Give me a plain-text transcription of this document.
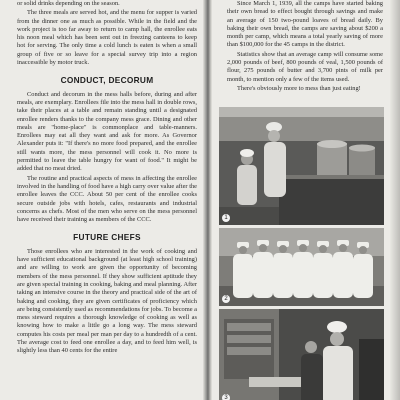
or solid drinks depending on the season.

The three meals are served hot, and the menu for supper is varied from the dinner one as much as possible. While in the field and the work project is too far away to return to camp hall, the enrollee eats his noon meal which has been sent out in freezing canteens to keep hot for serving. The only time a cold lunch is eaten is when a small group of five or so leave for a special survey trip into a region inaccessible by motor truck.

CONDUCT, DECORUM

Conduct and decorum in the mess halls before, during and after meals, are exemplary. Enrollees file into the mess hall in double rows, take their places at a table and remain standing until a designated enrollee renders thanks to the company mess grace. Dining and other meals are "home-place" is commonplace and table-manners. Enrollees may eat all they want and ask for more. As Governor Alexander puts it: "If there's no more food prepared, and the enrollee still wants more, the mess personnel will cook it. No more is permitted to leave the table hungry for want of food." It might be added that no meat dried.

The routine and practical aspects of mess in affecting the enrollee involved in the handling of food have a high carry over value after the enrollee leaves the CCC. About 50 per cent of the enrollee cooks secure outside jobs with hotels, cafes, restaurants and industrial concerns as chefs. Most of the men who serve on the mess personnel have received their training as members of the CCC.

FUTURE CHEFS

Those enrollees who are interested in the work of cooking and have sufficient educational background (at least high school training) and are willing to work are given the opportunity of becoming members of the mess personnel. If they show sufficient aptitude they are given special training in cooking, baking and meal planning. After taking an intensive course in the theory and practical side of the art of baking and cooking, they are given certificates of proficiency which are being consistently used as recommendations for jobs. To become a mess steward requires a thorough knowledge of cooking as well as knowing how to make a little go a long way. The mess steward computes his costs per meal per man per day to a hundredth of a cent. The average cost to feed one enrollee a day, and to feed him well, is slightly less than 40 cents for the entire

Since March 1, 1939, all the camps have started baking their own bread to effect bought through savings and make an average of 150 two-pound loaves of bread daily. By baking their own bread, the camps are saving about $200 a month per camp, which means a total yearly saving of more than $100,000 for the 45 camps in the district.

Statistics show that an average camp will consume some 2,000 pounds of beef, 800 pounds of veal, 1,500 pounds of flour, 275 pounds of butter and 3,700 pints of milk per month, to mention only a few of the items used.

There's obviously more to mess than just eating!

1
2
3
